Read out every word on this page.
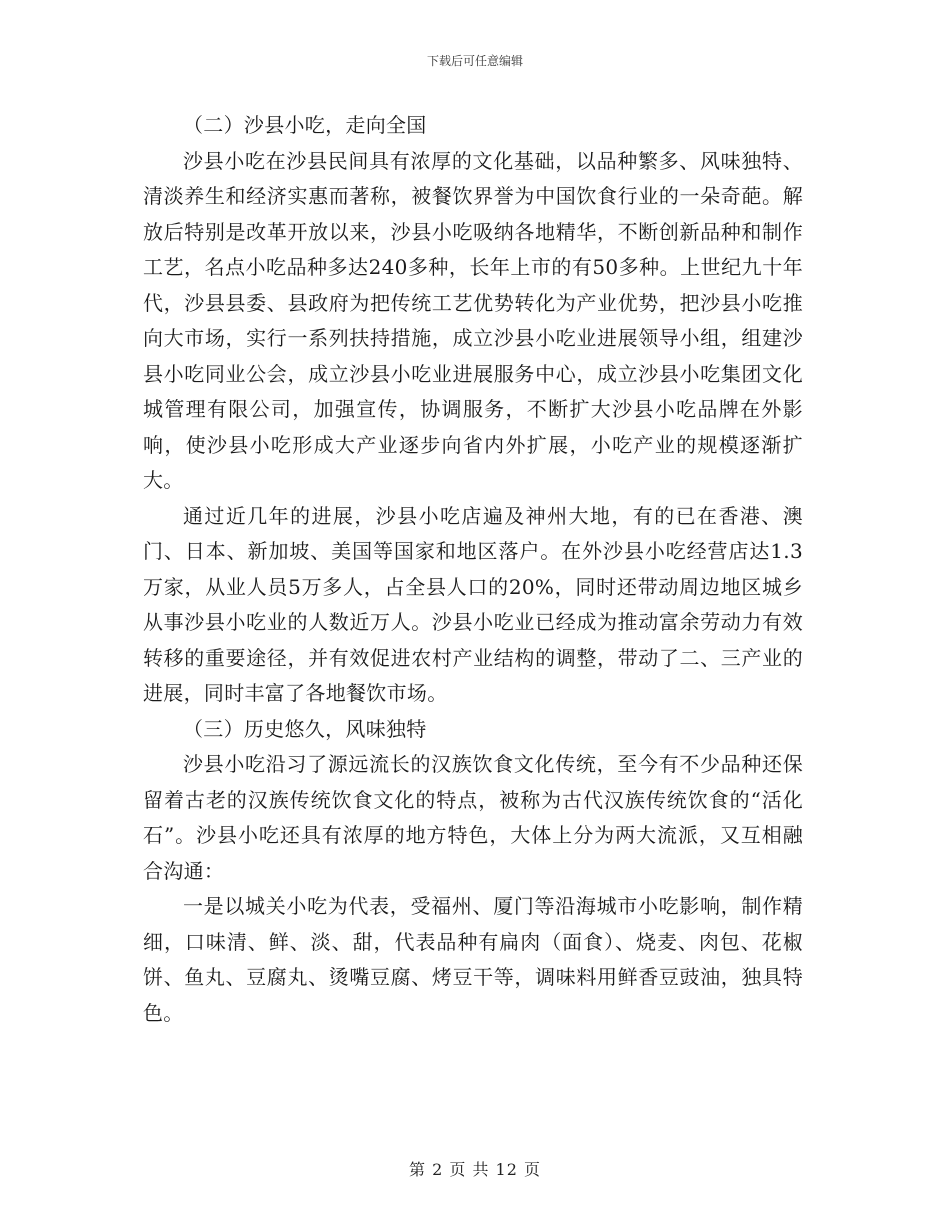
下载后可任意编辑

（二）沙县小吃，走向全国

沙县小吃在沙县民间具有浓厚的文化基础，以品种繁多、风味独特、清淡养生和经济实惠而著称，被餐饮界誉为中国饮食行业的一朵奇葩。解放后特别是改革开放以来，沙县小吃吸纳各地精华，不断创新品种和制作工艺，名点小吃品种多达240多种，长年上市的有50多种。上世纪九十年代，沙县县委、县政府为把传统工艺优势转化为产业优势，把沙县小吃推向大市场，实行一系列扶持措施，成立沙县小吃业进展领导小组，组建沙县小吃同业公会，成立沙县小吃业进展服务中心，成立沙县小吃集团文化城管理有限公司，加强宣传，协调服务，不断扩大沙县小吃品牌在外影响，使沙县小吃形成大产业逐步向省内外扩展，小吃产业的规模逐渐扩大。

通过近几年的进展，沙县小吃店遍及神州大地，有的已在香港、澳门、日本、新加坡、美国等国家和地区落户。在外沙县小吃经营店达1.3万家，从业人员5万多人，占全县人口的20%，同时还带动周边地区城乡从事沙县小吃业的人数近万人。沙县小吃业已经成为推动富余劳动力有效转移的重要途径，并有效促进农村产业结构的调整，带动了二、三产业的进展，同时丰富了各地餐饮市场。

（三）历史悠久，风味独特

沙县小吃沿习了源远流长的汉族饮食文化传统，至今有不少品种还保留着古老的汉族传统饮食文化的特点，被称为古代汉族传统饮食的“活化石”。沙县小吃还具有浓厚的地方特色，大体上分为两大流派，又互相融合沟通：

一是以城关小吃为代表，受福州、厦门等沿海城市小吃影响，制作精细，口味清、鲜、淡、甜，代表品种有扁肉（面食）、烧麦、肉包、花椒饼、鱼丸、豆腐丸、烫嘴豆腐、烤豆干等，调味料用鲜香豆豉油，独具特色。

第 2 页 共 12 页
